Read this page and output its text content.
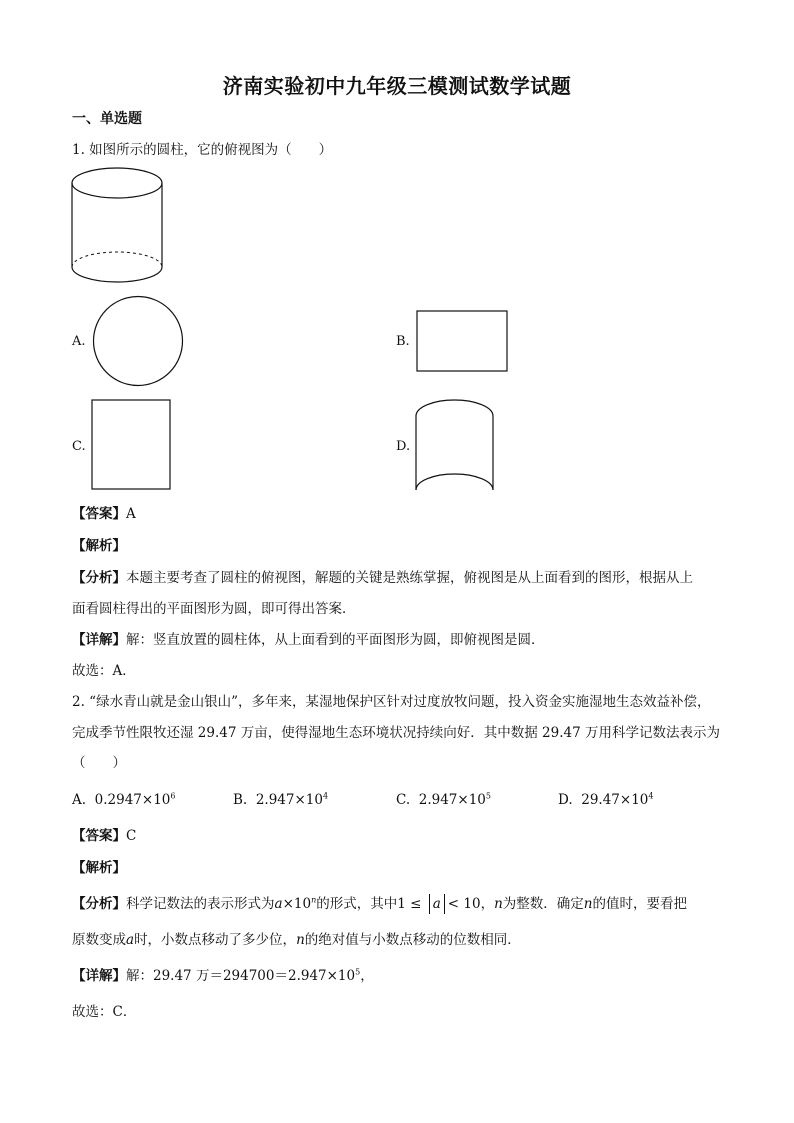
济南实验初中九年级三模测试数学试题
一、单选题
1. 如图所示的圆柱，它的俯视图为（　　）
A.	B.
C.	D.
【答案】A
【解析】
【分析】本题主要考查了圆柱的俯视图，解题的关键是熟练掌握，俯视图是从上面看到的图形，根据从上
面看圆柱得出的平面图形为圆，即可得出答案．
【详解】解：竖直放置的圆柱体，从上面看到的平面图形为圆，即俯视图是圆．
故选：A．
2. “绿水青山就是金山银山”，多年来，某湿地保护区针对过度放牧问题，投入资金实施湿地生态效益补偿，
完成季节性限牧还湿 29.47 万亩，使得湿地生态环境状况持续向好．其中数据 29.47 万用科学记数法表示为
（　　）
A. $0.2947\times 10^6$	B. $2.947\times 10^4$	C. $2.947\times 10^5$	D. $29.47\times 10^4$
【答案】C
【解析】
【分析】科学记数法的表示形式为$a\times 10^n$的形式，其中1 ≤ a < 10，n为整数．确定n的值时，要看把
原数变成a时，小数点移动了多少位，n的绝对值与小数点移动的位数相同．
【详解】解：29.47 万$=294700=2.947\times 10^5$，
故选：C．
